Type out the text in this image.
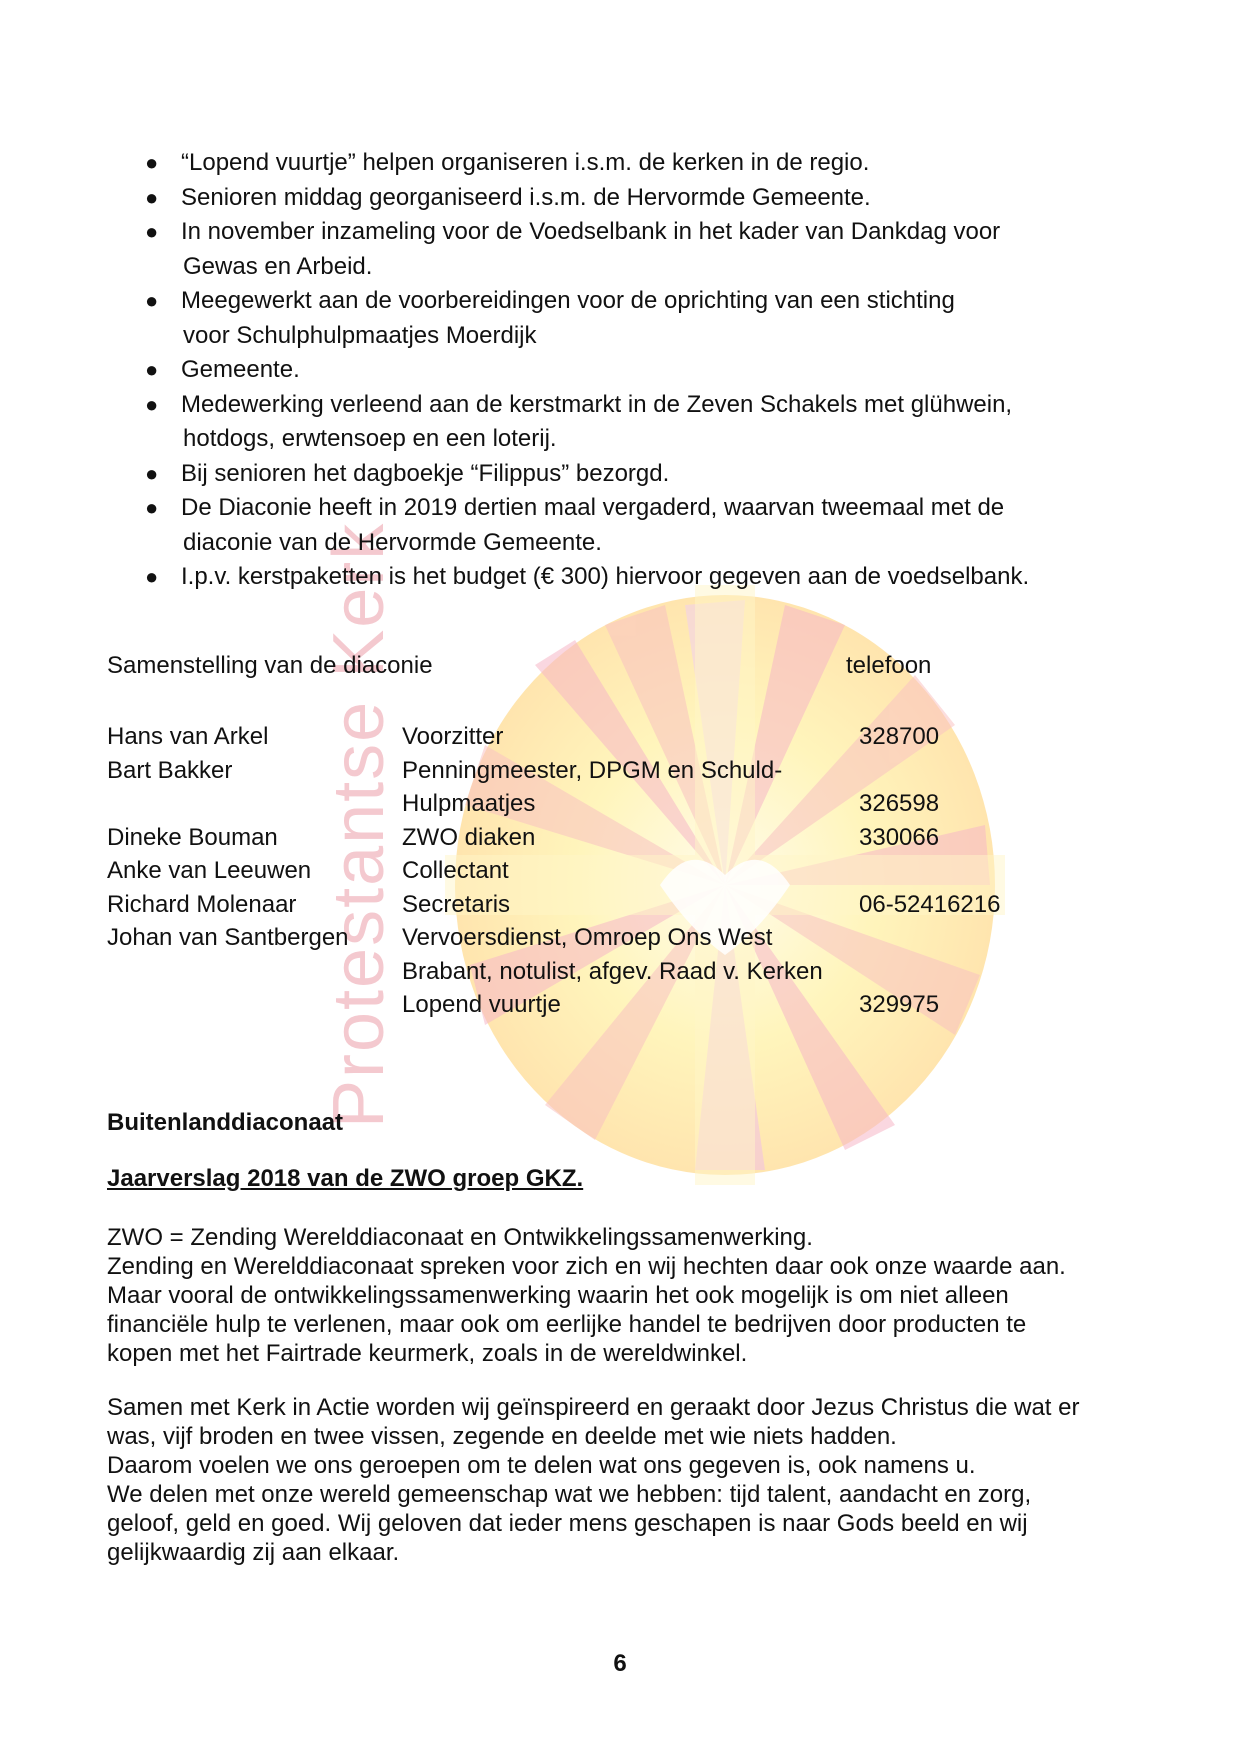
Protestantse Kerk
● “Lopend vuurtje” helpen organiseren i.s.m. de kerken in de regio.
● Senioren middag georganiseerd i.s.m. de Hervormde Gemeente.
● In november inzameling voor de Voedselbank in het kader van Dankdag voor
Gewas en Arbeid.
● Meegewerkt aan de voorbereidingen voor de oprichting van een stichting
voor Schulphulpmaatjes Moerdijk
● Gemeente.
● Medewerking verleend aan de kerstmarkt in de Zeven Schakels met glühwein,
hotdogs, erwtensoep en een loterij.
● Bij senioren het dagboekje “Filippus” bezorgd.
● De Diaconie heeft in 2019 dertien maal vergaderd, waarvan tweemaal met de
diaconie van de Hervormde Gemeente.
● I.p.v. kerstpaketten is het budget (€ 300) hiervoor gegeven aan de voedselbank.
Samenstelling van de diaconie	telefoon
Hans van Arkel	Voorzitter	328700
Bart Bakker	Penningmeester, DPGM en Schuld-
Hulpmaatjes	326598
Dineke Bouman	ZWO diaken	330066
Anke van Leeuwen	Collectant
Richard Molenaar	Secretaris	06-52416216
Johan van Santbergen Vervoersdienst, Omroep Ons West
Brabant, notulist, afgev. Raad v. Kerken
Lopend vuurtje	329975
Buitenlanddiaconaat
Jaarverslag 2018 van de ZWO groep GKZ.

ZWO = Zending Werelddiaconaat en Ontwikkelingssamenwerking.

Zending en Werelddiaconaat spreken voor zich en wij hechten daar ook onze waarde aan.

Maar vooral de ontwikkelingssamenwerking waarin het ook mogelijk is om niet alleen

financiële hulp te verlenen, maar ook om eerlijke handel te bedrijven door producten te

kopen met het Fairtrade keurmerk, zoals in de wereldwinkel.

Samen met Kerk in Actie worden wij geïnspireerd en geraakt door Jezus Christus die wat er

was, vijf broden en twee vissen, zegende en deelde met wie niets hadden.

Daarom voelen we ons geroepen om te delen wat ons gegeven is, ook namens u.

We delen met onze wereld gemeenschap wat we hebben: tijd talent, aandacht en zorg,

geloof, geld en goed. Wij geloven dat ieder mens geschapen is naar Gods beeld en wij

gelijkwaardig zij aan elkaar.

6
